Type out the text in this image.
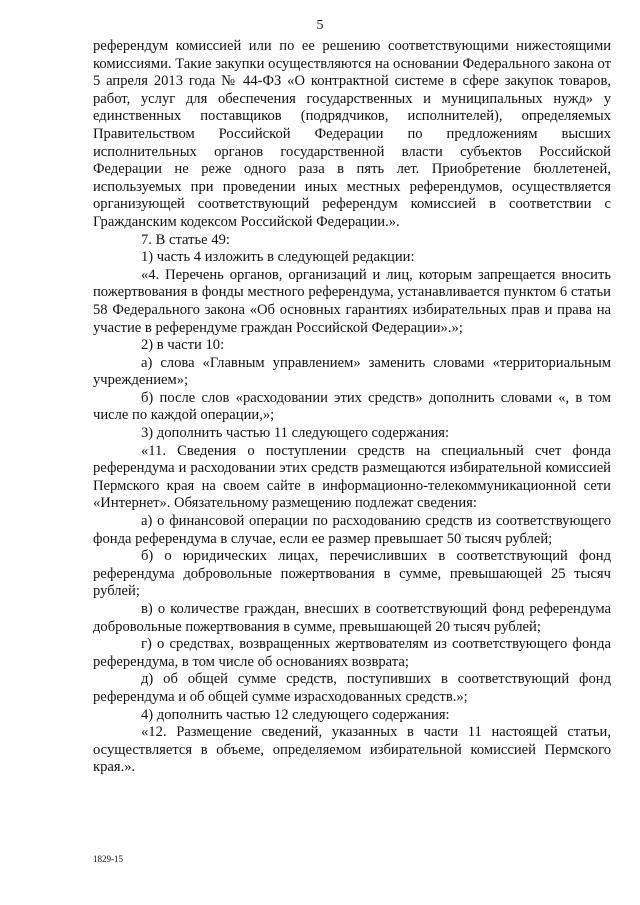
5

референдум комиссией или по ее решению соответствующими нижестоящими комиссиями. Такие закупки осуществляются на основании Федерального закона от 5 апреля 2013 года № 44-ФЗ «О контрактной системе в сфере закупок товаров, работ, услуг для обеспечения государственных и муниципальных нужд» у единственных поставщиков (подрядчиков, исполнителей), определяемых Правительством Российской Федерации по предложениям высших исполнительных органов государственной власти субъектов Российской Федерации не реже одного раза в пять лет. Приобретение бюллетеней, используемых при проведении иных местных референдумов, осуществляется организующей соответствующий референдум комиссией в соответствии с Гражданским кодексом Российской Федерации.».

7. В статье 49:

1) часть 4 изложить в следующей редакции:

«4. Перечень органов, организаций и лиц, которым запрещается вносить пожертвования в фонды местного референдума, устанавливается пунктом 6 статьи 58 Федерального закона «Об основных гарантиях избирательных прав и права на участие в референдуме граждан Российской Федерации».»;

2) в части 10:

а) слова «Главным управлением» заменить словами «территориальным учреждением»;

б) после слов «расходовании этих средств» дополнить словами «, в том числе по каждой операции,»;

3) дополнить частью 11 следующего содержания:

«11. Сведения о поступлении средств на специальный счет фонда референдума и расходовании этих средств размещаются избирательной комиссией Пермского края на своем сайте в информационно-телекоммуникационной сети «Интернет». Обязательному размещению подлежат сведения:

а) о финансовой операции по расходованию средств из соответствующего фонда референдума в случае, если ее размер превышает 50 тысяч рублей;

б) о юридических лицах, перечисливших в соответствующий фонд референдума добровольные пожертвования в сумме, превышающей 25 тысяч рублей;

в) о количестве граждан, внесших в соответствующий фонд референдума добровольные пожертвования в сумме, превышающей 20 тысяч рублей;

г) о средствах, возвращенных жертвователям из соответствующего фонда референдума, в том числе об основаниях возврата;

д) об общей сумме средств, поступивших в соответствующий фонд референдума и об общей сумме израсходованных средств.»;

4) дополнить частью 12 следующего содержания:

«12. Размещение сведений, указанных в части 11 настоящей статьи, осуществляется в объеме, определяемом избирательной комиссией Пермского края.».

1829-15
